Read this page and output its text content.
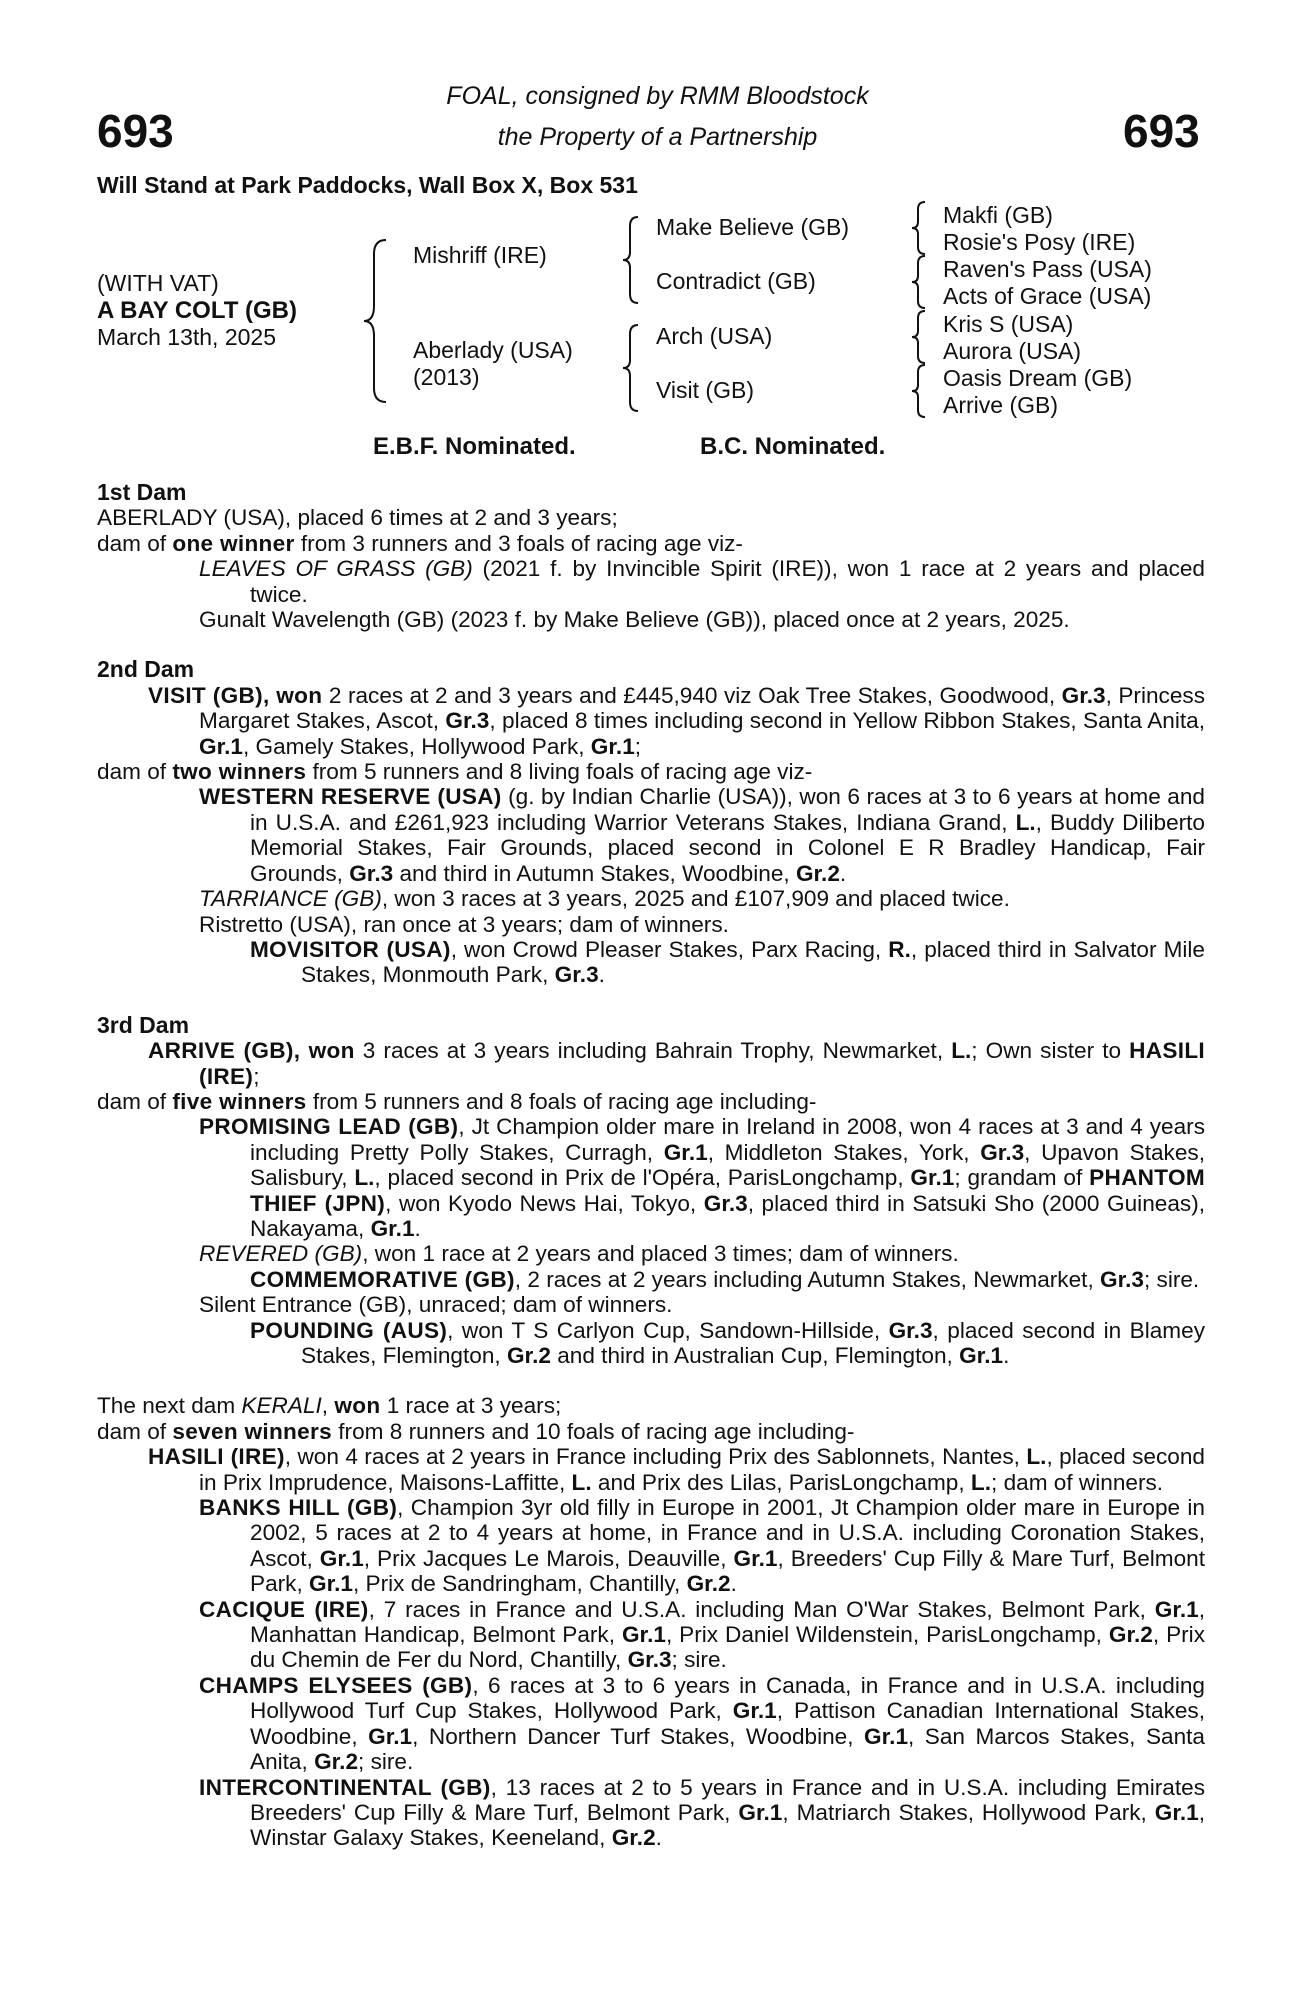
693	693
FOAL, consigned by RMM Bloodstock
the Property of a Partnership
Will Stand at Park Paddocks, Wall Box X, Box 531
(WITH VAT)
A BAY COLT (GB)
March 13th, 2025
Mishriff (IRE)
Aberlady (USA)
(2013)
Make Believe (GB)
Contradict (GB)
Arch (USA)
Visit (GB)
Makfi (GB)
Rosie's Posy (IRE)
Raven's Pass (USA)
Acts of Grace (USA)
Kris S (USA)
Aurora (USA)
Oasis Dream (GB)
Arrive (GB)
E.B.F. Nominated.	B.C. Nominated.
1st Dam
ABERLADY (USA), placed 6 times at 2 and 3 years;
dam of one winner from 3 runners and 3 foals of racing age viz-
LEAVES OF GRASS (GB) (2021 f. by Invincible Spirit (IRE)), won 1 race at 2 years and placed twice.
Gunalt Wavelength (GB) (2023 f. by Make Believe (GB)), placed once at 2 years, 2025.
2nd Dam
VISIT (GB), won 2 races at 2 and 3 years and £445,940 viz Oak Tree Stakes, Goodwood, Gr.3, Princess Margaret Stakes, Ascot, Gr.3, placed 8 times including second in Yellow Ribbon Stakes, Santa Anita, Gr.1, Gamely Stakes, Hollywood Park, Gr.1;
dam of two winners from 5 runners and 8 living foals of racing age viz-
WESTERN RESERVE (USA) (g. by Indian Charlie (USA)), won 6 races at 3 to 6 years at home and in U.S.A. and £261,923 including Warrior Veterans Stakes, Indiana Grand, L., Buddy Diliberto Memorial Stakes, Fair Grounds, placed second in Colonel E R Bradley Handicap, Fair Grounds, Gr.3 and third in Autumn Stakes, Woodbine, Gr.2.
TARRIANCE (GB), won 3 races at 3 years, 2025 and £107,909 and placed twice.
Ristretto (USA), ran once at 3 years; dam of winners.
MOVISITOR (USA), won Crowd Pleaser Stakes, Parx Racing, R., placed third in Salvator Mile Stakes, Monmouth Park, Gr.3.
3rd Dam
ARRIVE (GB), won 3 races at 3 years including Bahrain Trophy, Newmarket, L.; Own sister to HASILI (IRE);
dam of five winners from 5 runners and 8 foals of racing age including-
PROMISING LEAD (GB), Jt Champion older mare in Ireland in 2008, won 4 races at 3 and 4 years including Pretty Polly Stakes, Curragh, Gr.1, Middleton Stakes, York, Gr.3, Upavon Stakes, Salisbury, L., placed second in Prix de l'Opéra, ParisLongchamp, Gr.1; grandam of PHANTOM THIEF (JPN), won Kyodo News Hai, Tokyo, Gr.3, placed third in Satsuki Sho (2000 Guineas), Nakayama, Gr.1.
REVERED (GB), won 1 race at 2 years and placed 3 times; dam of winners.
COMMEMORATIVE (GB), 2 races at 2 years including Autumn Stakes, Newmarket, Gr.3; sire.
Silent Entrance (GB), unraced; dam of winners.
POUNDING (AUS), won T S Carlyon Cup, Sandown-Hillside, Gr.3, placed second in Blamey Stakes, Flemington, Gr.2 and third in Australian Cup, Flemington, Gr.1.
The next dam KERALI, won 1 race at 3 years;
dam of seven winners from 8 runners and 10 foals of racing age including-
HASILI (IRE), won 4 races at 2 years in France including Prix des Sablonnets, Nantes, L., placed second in Prix Imprudence, Maisons-Laffitte, L. and Prix des Lilas, ParisLongchamp, L.; dam of winners.
BANKS HILL (GB), Champion 3yr old filly in Europe in 2001, Jt Champion older mare in Europe in 2002, 5 races at 2 to 4 years at home, in France and in U.S.A. including Coronation Stakes, Ascot, Gr.1, Prix Jacques Le Marois, Deauville, Gr.1, Breeders' Cup Filly & Mare Turf, Belmont Park, Gr.1, Prix de Sandringham, Chantilly, Gr.2.
CACIQUE (IRE), 7 races in France and U.S.A. including Man O'War Stakes, Belmont Park, Gr.1, Manhattan Handicap, Belmont Park, Gr.1, Prix Daniel Wildenstein, ParisLongchamp, Gr.2, Prix du Chemin de Fer du Nord, Chantilly, Gr.3; sire.
CHAMPS ELYSEES (GB), 6 races at 3 to 6 years in Canada, in France and in U.S.A. including Hollywood Turf Cup Stakes, Hollywood Park, Gr.1, Pattison Canadian International Stakes, Woodbine, Gr.1, Northern Dancer Turf Stakes, Woodbine, Gr.1, San Marcos Stakes, Santa Anita, Gr.2; sire.
INTERCONTINENTAL (GB), 13 races at 2 to 5 years in France and in U.S.A. including Emirates Breeders' Cup Filly & Mare Turf, Belmont Park, Gr.1, Matriarch Stakes, Hollywood Park, Gr.1, Winstar Galaxy Stakes, Keeneland, Gr.2.
